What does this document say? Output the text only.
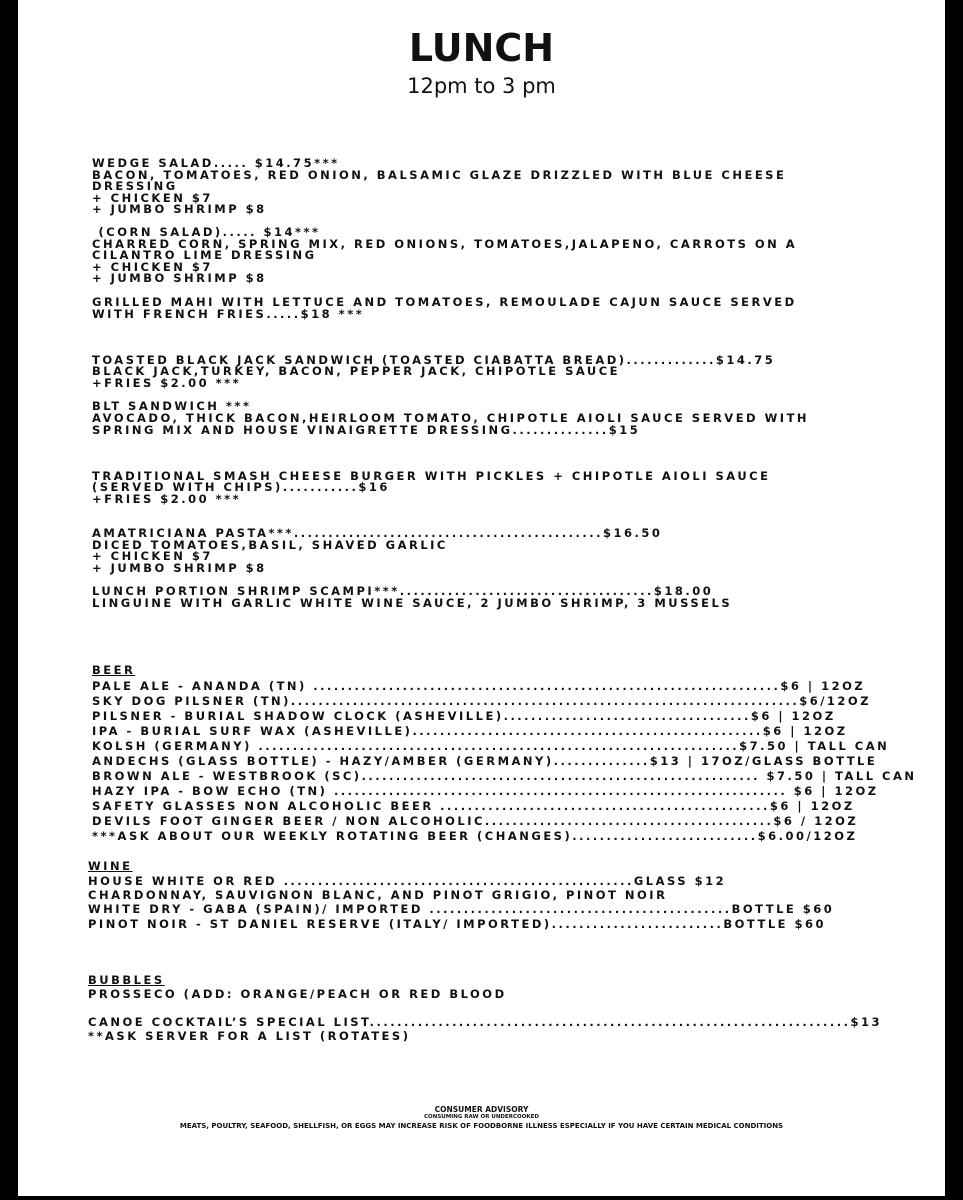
LUNCH
12pm to 3 pm
WEDGE SALAD..... $14.75***
BACON, TOMATOES, RED ONION, BALSAMIC GLAZE DRIZZLED WITH BLUE CHEESE
DRESSING
+ CHICKEN $7
+ JUMBO SHRIMP $8
(CORN SALAD)..... $14***
CHARRED CORN, SPRING MIX, RED ONIONS, TOMATOES,JALAPENO, CARROTS ON A
CILANTRO LIME DRESSING
+ CHICKEN $7
+ JUMBO SHRIMP $8
GRILLED MAHI WITH LETTUCE AND TOMATOES, REMOULADE CAJUN SAUCE SERVED
WITH FRENCH FRIES.....$18 ***
TOASTED BLACK JACK SANDWICH (TOASTED CIABATTA BREAD).............$14.75
BLACK JACK,TURKEY, BACON, PEPPER JACK, CHIPOTLE SAUCE
+FRIES $2.00 ***
BLT SANDWICH ***
AVOCADO, THICK BACON,HEIRLOOM TOMATO, CHIPOTLE AIOLI SAUCE SERVED WITH
SPRING MIX AND HOUSE VINAIGRETTE DRESSING..............$15
TRADITIONAL SMASH CHEESE BURGER WITH PICKLES + CHIPOTLE AIOLI SAUCE
(SERVED WITH CHIPS)...........$16
+FRIES $2.00 ***
AMATRICIANA PASTA***.............................................$16.50
DICED TOMATOES,BASIL, SHAVED GARLIC
+ CHICKEN $7
+ JUMBO SHRIMP $8
LUNCH PORTION SHRIMP SCAMPI***.....................................$18.00
LINGUINE WITH GARLIC WHITE WINE SAUCE, 2 JUMBO SHRIMP, 3 MUSSELS
BEER
PALE ALE - ANANDA (TN) ....................................................................$6 | 12OZ
SKY DOG PILSNER (TN)..........................................................................$6/12OZ
PILSNER - BURIAL SHADOW CLOCK (ASHEVILLE)....................................$6 | 12OZ
IPA - BURIAL SURF WAX (ASHEVILLE)...................................................$6 | 12OZ
KOLSH (GERMANY) ......................................................................$7.50 | TALL CAN
ANDECHS (GLASS BOTTLE) - HAZY/AMBER (GERMANY)..............$13 | 17OZ/GLASS BOTTLE
BROWN ALE - WESTBROOK (SC).......................................................... $7.50 | TALL CAN
HAZY IPA - BOW ECHO (TN) .................................................................. $6 | 12OZ
SAFETY GLASSES NON ALCOHOLIC BEER ................................................$6 | 12OZ
DEVILS FOOT GINGER BEER / NON ALCOHOLIC..........................................$6 / 12OZ
***ASK ABOUT OUR WEEKLY ROTATING BEER (CHANGES)...........................$6.00/12OZ
WINE
HOUSE WHITE OR RED ...................................................GLASS $12
CHARDONNAY, SAUVIGNON BLANC, AND PINOT GRIGIO, PINOT NOIR
WHITE DRY - GABA (SPAIN)/ IMPORTED ............................................BOTTLE $60
PINOT NOIR - ST DANIEL RESERVE (ITALY/ IMPORTED).........................BOTTLE $60
BUBBLES
PROSSECO (ADD: ORANGE/PEACH OR RED BLOOD
CANOE COCKTAIL’S SPECIAL LIST......................................................................$13
**ASK SERVER FOR A LIST (ROTATES)
CONSUMER ADVISORY
CONSUMING RAW OR UNDERCOOKED
MEATS, POULTRY, SEAFOOD, SHELLFISH, OR EGGS MAY INCREASE RISK OF FOODBORNE ILLNESS ESPECIALLY IF YOU HAVE CERTAIN MEDICAL CONDITIONS
